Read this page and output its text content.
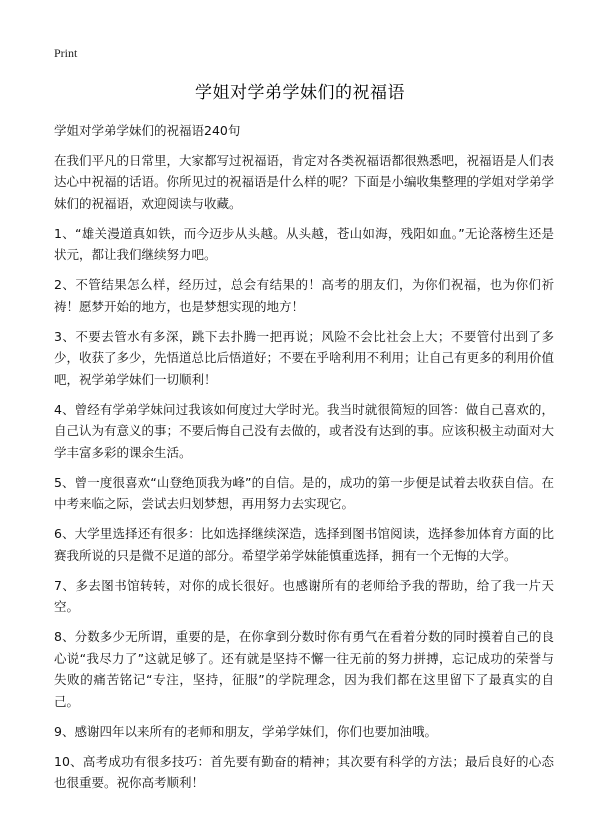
Print
学姐对学弟学妹们的祝福语

学姐对学弟学妹们的祝福语240句

在我们平凡的日常里，大家都写过祝福语，肯定对各类祝福语都很熟悉吧，祝福语是人们表达心中祝福的话语。你所见过的祝福语是什么样的呢？下面是小编收集整理的学姐对学弟学妹们的祝福语，欢迎阅读与收藏。

1、“雄关漫道真如铁，而今迈步从头越。从头越，苍山如海，残阳如血。”无论落榜生还是状元，都让我们继续努力吧。

2、不管结果怎么样，经历过，总会有结果的！高考的朋友们，为你们祝福，也为你们祈祷！愿梦开始的地方，也是梦想实现的地方！

3、不要去管水有多深，跳下去扑腾一把再说；风险不会比社会上大；不要管付出到了多少，收获了多少，先悟道总比后悟道好；不要在乎啥利用不利用；让自己有更多的利用价值吧，祝学弟学妹们一切顺利！

4、曾经有学弟学妹问过我该如何度过大学时光。我当时就很简短的回答：做自己喜欢的，自己认为有意义的事；不要后悔自己没有去做的，或者没有达到的事。应该积极主动面对大学丰富多彩的课余生活。

5、曾一度很喜欢“山登绝顶我为峰”的自信。是的，成功的第一步便是试着去收获自信。在中考来临之际，尝试去归划梦想，再用努力去实现它。

6、大学里选择还有很多：比如选择继续深造，选择到图书馆阅读，选择参加体育方面的比赛我所说的只是微不足道的部分。希望学弟学妹能慎重选择，拥有一个无悔的大学。

7、多去图书馆转转，对你的成长很好。也感谢所有的老师给予我的帮助，给了我一片天空。

8、分数多少无所谓，重要的是，在你拿到分数时你有勇气在看着分数的同时摸着自己的良心说“我尽力了”这就足够了。还有就是坚持不懈一往无前的努力拼搏，忘记成功的荣誉与失败的痛苦铭记“专注，坚持，征服”的学院理念，因为我们都在这里留下了最真实的自己。

9、感谢四年以来所有的老师和朋友，学弟学妹们，你们也要加油哦。

10、高考成功有很多技巧：首先要有勤奋的精神；其次要有科学的方法；最后良好的心态也很重要。祝你高考顺利！
